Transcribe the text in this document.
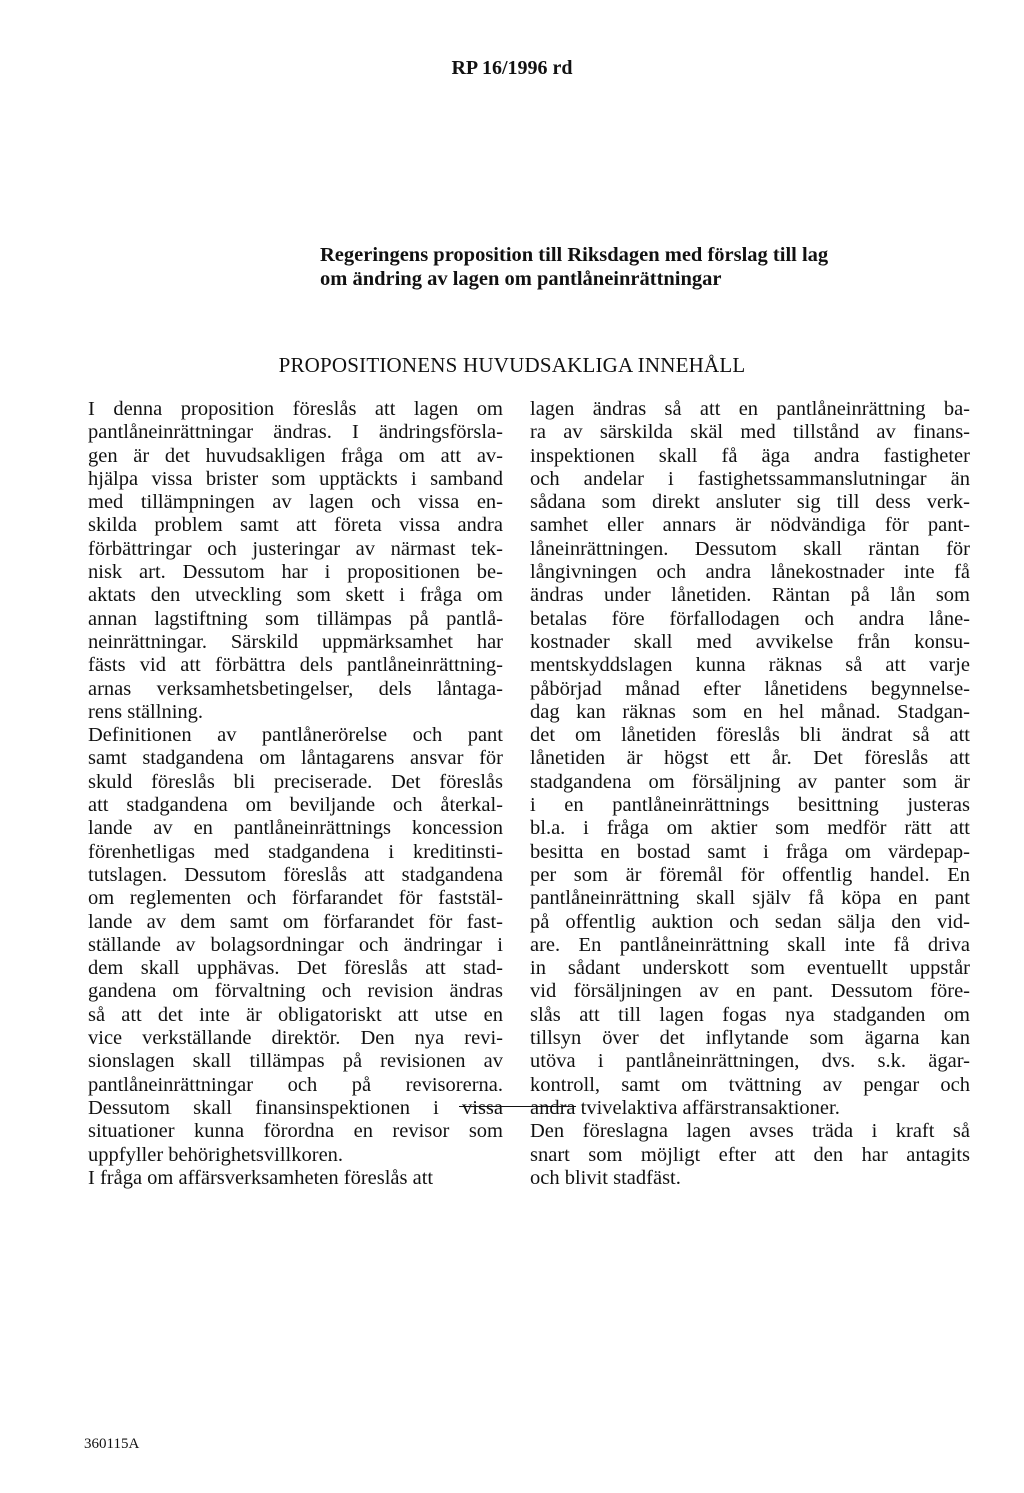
RP 16/1996 rd
Regeringens proposition till Riksdagen med förslag till lag
om ändring av lagen om pantlåneinrättningar
PROPOSITIONENS HUVUDSAKLIGA INNEHÅLL
I denna proposition föreslås att lagen om
pantlåneinrättningar ändras. I ändringsförsla-
gen är det huvudsakligen fråga om att av-
hjälpa vissa brister som upptäckts i samband
med tillämpningen av lagen och vissa en-
skilda problem samt att företa vissa andra
förbättringar och justeringar av närmast tek-
nisk art. Dessutom har i propositionen be-
aktats den utveckling som skett i fråga om
annan lagstiftning som tillämpas på pantlå-
neinrättningar. Särskild uppmärksamhet har
fästs vid att förbättra dels pantlåneinrättning-
arnas verksamhetsbetingelser, dels låntaga-
rens ställning.
Definitionen av pantlånerörelse och pant
samt stadgandena om låntagarens ansvar för
skuld föreslås bli preciserade. Det föreslås
att stadgandena om beviljande och återkal-
lande av en pantlåneinrättnings koncession
förenhetligas med stadgandena i kreditinsti-
tutslagen. Dessutom föreslås att stadgandena
om reglementen och förfarandet för faststäl-
lande av dem samt om förfarandet för fast-
ställande av bolagsordningar och ändringar i
dem skall upphävas. Det föreslås att stad-
gandena om förvaltning och revision ändras
så att det inte är obligatoriskt att utse en
vice verkställande direktör. Den nya revi-
sionslagen skall tillämpas på revisionen av
pantlåneinrättningar och på revisorerna.
Dessutom skall finansinspektionen i vissa
situationer kunna förordna en revisor som
uppfyller behörighetsvillkoren.
I fråga om affärsverksamheten föreslås att
lagen ändras så att en pantlåneinrättning ba-
ra av särskilda skäl med tillstånd av finans-
inspektionen skall få äga andra fastigheter
och andelar i fastighetssammanslutningar än
sådana som direkt ansluter sig till dess verk-
samhet eller annars är nödvändiga för pant-
låneinrättningen. Dessutom skall räntan för
långivningen och andra lånekostnader inte få
ändras under lånetiden. Räntan på lån som
betalas före förfallodagen och andra låne-
kostnader skall med avvikelse från konsu-
mentskyddslagen kunna räknas så att varje
påbörjad månad efter lånetidens begynnelse-
dag kan räknas som en hel månad. Stadgan-
det om lånetiden föreslås bli ändrat så att
lånetiden är högst ett år. Det föreslås att
stadgandena om försäljning av panter som är
i en pantlåneinrättnings besittning justeras
bl.a. i fråga om aktier som medför rätt att
besitta en bostad samt i fråga om värdepap-
per som är föremål för offentlig handel. En
pantlåneinrättning skall själv få köpa en pant
på offentlig auktion och sedan sälja den vid-
are. En pantlåneinrättning skall inte få driva
in sådant underskott som eventuellt uppstår
vid försäljningen av en pant. Dessutom före-
slås att till lagen fogas nya stadganden om
tillsyn över det inflytande som ägarna kan
utöva i pantlåneinrättningen, dvs. s.k. ägar-
kontroll, samt om tvättning av pengar och
andra tvivelaktiva affärstransaktioner.
Den föreslagna lagen avses träda i kraft så
snart som möjligt efter att den har antagits
och blivit stadfäst.
360115A
